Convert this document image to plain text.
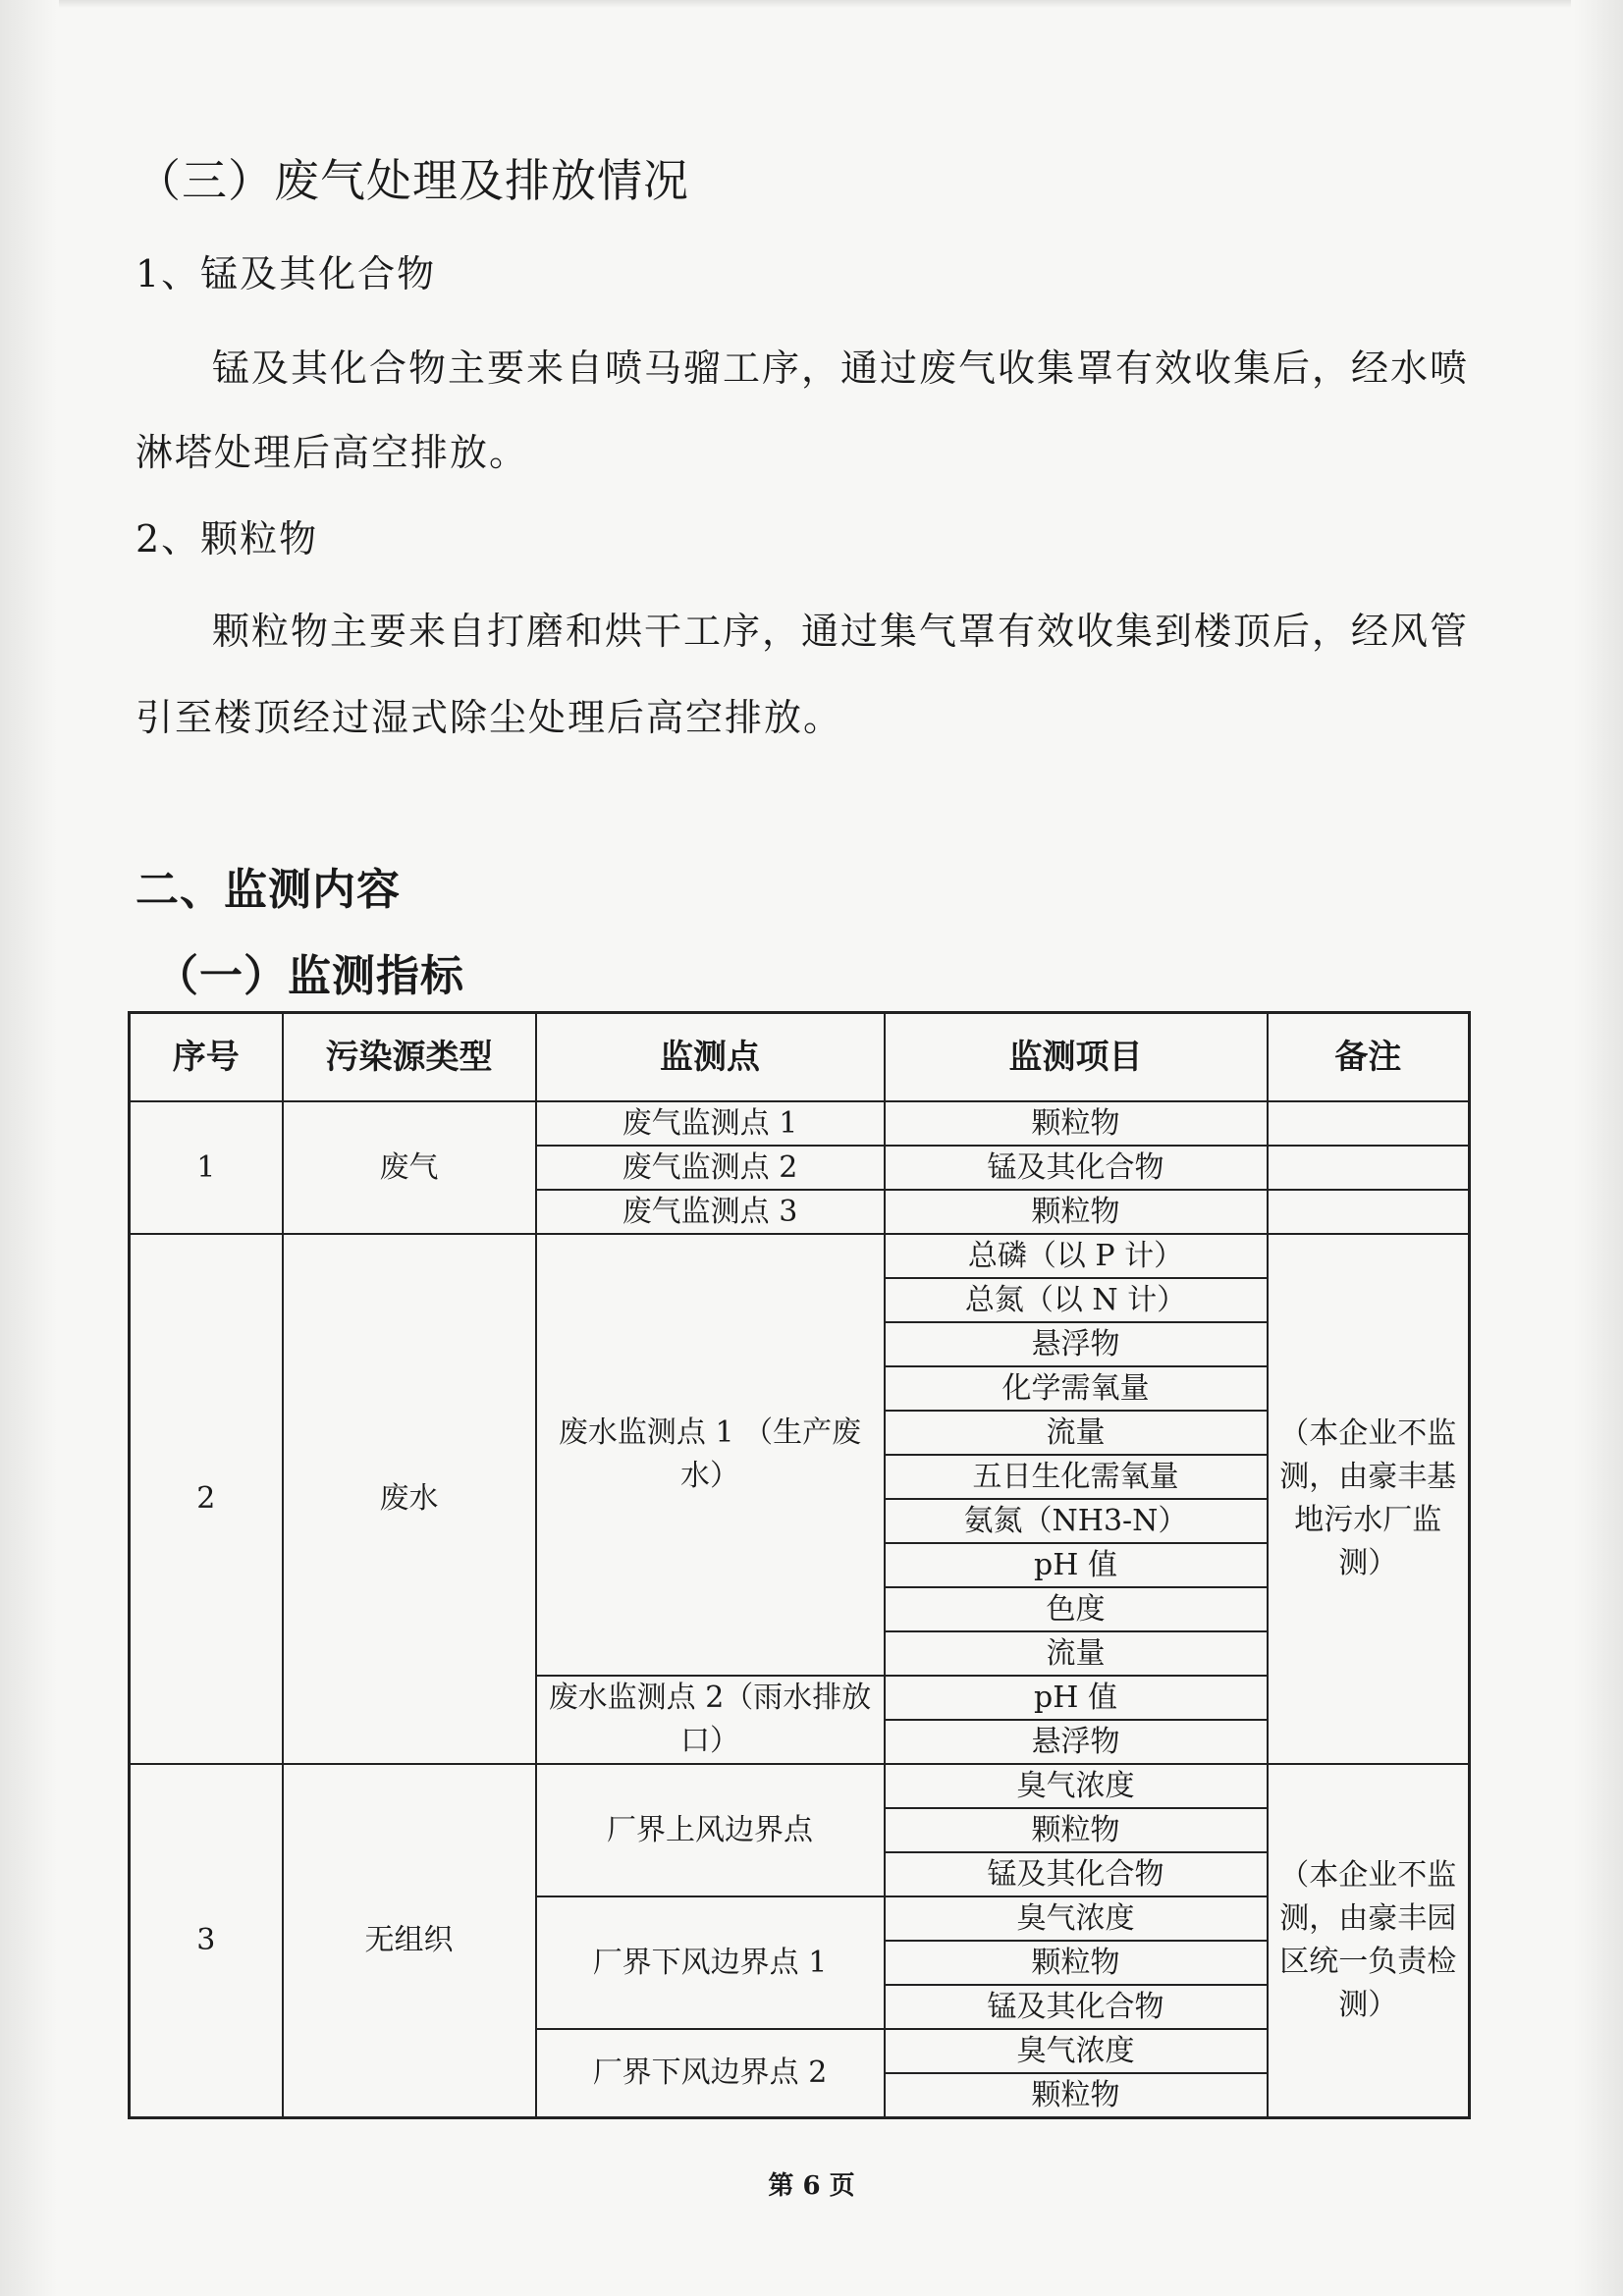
（三）废气处理及排放情况
1、锰及其化合物
锰及其化合物主要来自喷马骝工序，通过废气收集罩有效收集后，经水喷
淋塔处理后高空排放。
2、颗粒物
颗粒物主要来自打磨和烘干工序，通过集气罩有效收集到楼顶后，经风管
引至楼顶经过湿式除尘处理后高空排放。
二、监测内容
（一）监测指标
序号	污染源类型	监测点	监测项目	备注
1	废气	废气监测点 1	颗粒物	
		废气监测点 2	锰及其化合物	
		废气监测点 3	颗粒物	
2	废水	废水监测点 1 （生产废水）	总磷（以 P 计）	（本企业不监测，由豪丰基地污水厂监测）
			总氮（以 N 计）	
			悬浮物	
			化学需氧量	
			流量	
			五日生化需氧量	
			氨氮（NH3-N）	
			pH 值	
			色度	
			流量	
		废水监测点 2（雨水排放口）	pH 值	
			悬浮物	
3	无组织	厂界上风边界点	臭气浓度	（本企业不监测，由豪丰园区统一负责检测）
			颗粒物	
			锰及其化合物	
		厂界下风边界点 1	臭气浓度	
			颗粒物	
			锰及其化合物	
		厂界下风边界点 2	臭气浓度	
			颗粒物	
第 6 页
